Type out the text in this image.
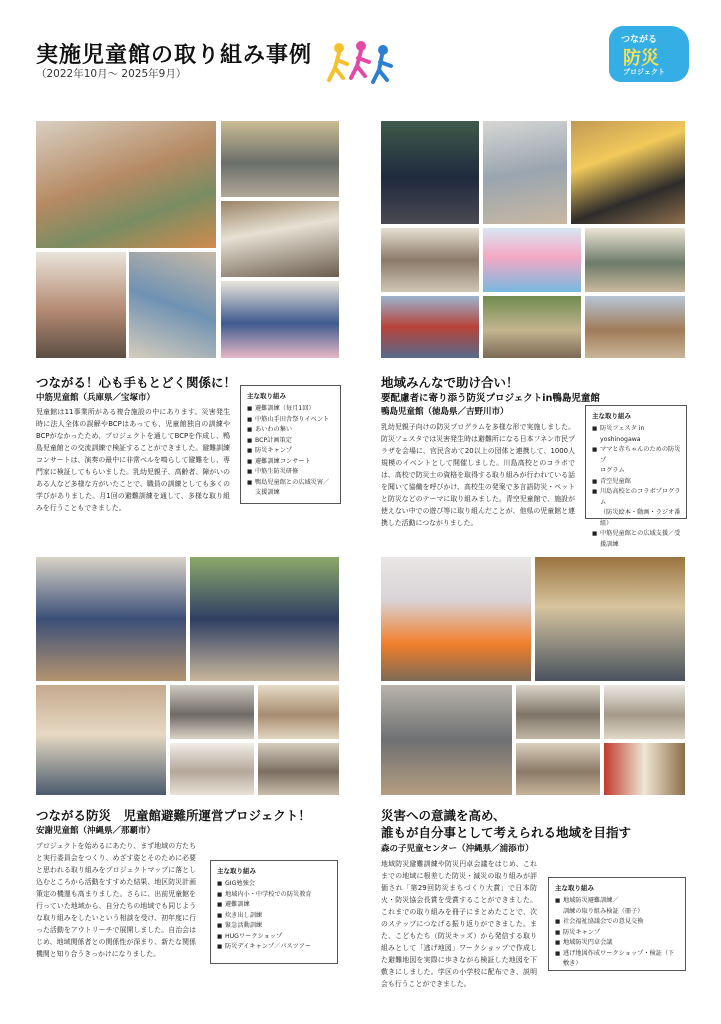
実施児童館の取り組み事例
（2022年10月～ 2025年9月）
つながる
防災
プロジェクト
つながる！心も手もとどく関係に！
中筋児童館（兵庫県／宝塚市）
児童館は11事業所がある複合施設の中にあります。災害発生時に法人全体の誤解やBCPはあっても、児童館独自の訓練やBCPがなかったため、プロジェクトを通してBCPを作成し、鴨島児童館との交流訓練で検証することができました。避難訓練コンサートは、演奏の最中に非常ベルを鳴らして避難をし、専門家に検証してもらいました。乳幼児親子、高齢者、障がいのある人など多様な方がいたことで、職員の訓練としても多くの学びがありました。月1回の避難訓練を通して、多様な取り組みを行うこともできました。
主な取り組み
■ 避難訓練（毎月1回）
■ 中筋山手田舎祭りイベント
■ あいわの集い
■ BCP計画策定
■ 防災キャンプ
■ 避難訓練コンサート
■ 中筋生防災研修
■ 鴨島児童館との広域災害／
支援訓練
地域みんなで助け合い！
要配慮者に寄り添う防災プロジェクトin鴨島児童館
鴨島児童館（徳島県／吉野川市）
乳幼児親子向けの防災プログラムを多様な形で実施しました。防災フェスタでは災害発生時は避難所になる日本フネン市民プラザを会場に、官民含めて20以上の団体と連携して、1000人規模のイベントとして開催しました。川島高校とのコラボでは、高校で防災士の資格を取得する取り組みが行われている話を聞いて協働を呼びかけ、高校生の発案で多言語防災・ペットと防災などのテーマに取り組みました。青空児童館で、施設が使えない中での遊び等に取り組んだことが、他県の児童館と連携した活動につながりました。
主な取り組み
■ 防災フェスタ in yoshinogawa
■ ママと赤ちゃんのための防災プ
ログラム
■ 青空児童館
■ 川島高校とのコラボプログラム
（防災絵本・動画・ラジオ番組）
■ 中筋児童館との広域支援／受
援訓練
つながる防災　児童館避難所運営プロジェクト！
安謝児童館（沖縄県／那覇市）
プロジェクトを始めるにあたり、まず地域の方たちと実行委員会をつくり、めざす姿とそのために必要と思われる取り組みをプロジェクトマップに落とし込むところから活動をすすめた結果、地区防災計画策定の機運も高まりました。さらに、出前児童館を行っていた地域から、自分たちの地域でも同じような取り組みをしたいという相談を受け、初年度に行った活動をアウトリーチで展開しました。自治会はじめ、地域関係者との関係性が深まり、新たな関係機関と知り合うきっかけになりました。
主な取り組み
■ GIG勉強会
■ 地域内小・中学校での防災教育
■ 避難訓練
■ 炊き出し訓練
■ 緊急活動訓練
■ HUGワークショップ
■ 防災デイキャンプ／パスツアー
災害への意識を高め、
誰もが自分事として考えられる地域を目指す
森の子児童センター（沖縄県／浦添市）
地域防災避難訓練や防災円卓会議をはじめ、これまでの地域に根差した防災・減災の取り組みが評価され「第29回防災まちづくり大賞」で日本防火・防災協会長賞を受賞することができました。これまでの取り組みを冊子にまとめたことで、次のステップにつなげる振り返りができました。また、こどもたち（防災キッズ）から発信する取り組みとして「逃げ地図」ワークショップで作成した避難地図を実際に歩きながら検証した地図を下敷きにしました。学区の小学校に配布でき、説明会も行うことができました。
主な取り組み
■ 地域防災避難訓練／
訓練の取り組み検証（冊子）
■ 社会福祉協議会での意見交換
■ 防災キャンプ
■ 地域防災円卓会議
■ 逃げ地図作成ワークショップ・検証（下敷き）
